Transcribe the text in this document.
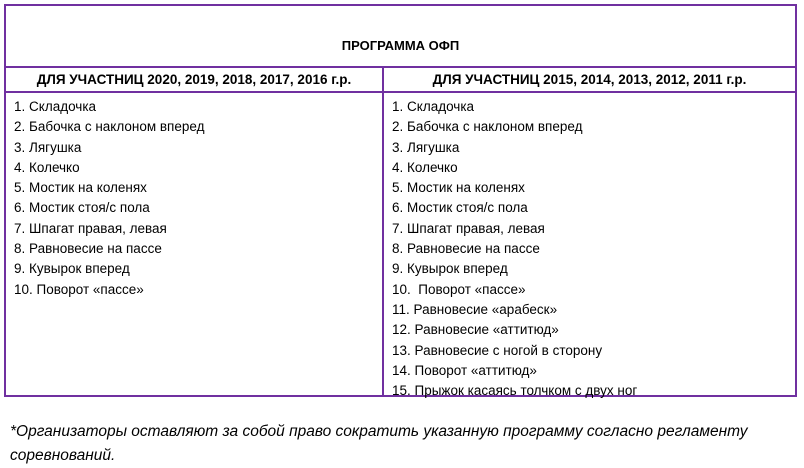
ПРОГРАММА ОФП
ДЛЯ УЧАСТНИЦ 2020, 2019, 2018, 2017, 2016 г.р.	ДЛЯ УЧАСТНИЦ 2015, 2014, 2013, 2012, 2011 г.р.
1. Складочка
2. Бабочка с наклоном вперед
3. Лягушка
4. Колечко
5. Мостик на коленях
6. Мостик стоя/с пола
7. Шпагат правая, левая
8. Равновесие на пассе
9. Кувырок вперед
10. Поворот «пассе»
1. Складочка
2. Бабочка с наклоном вперед
3. Лягушка
4. Колечко
5. Мостик на коленях
6. Мостик стоя/с пола
7. Шпагат правая, левая
8. Равновесие на пассе
9. Кувырок вперед
10.  Поворот «пассе»
11. Равновесие «арабеск»
12. Равновесие «аттитюд»
13. Равновесие с ногой в сторону
14. Поворот «аттитюд»
15. Прыжок касаясь толчком с двух ног
*Организаторы оставляют за собой право сократить указанную программу согласно регламенту соревнований.
